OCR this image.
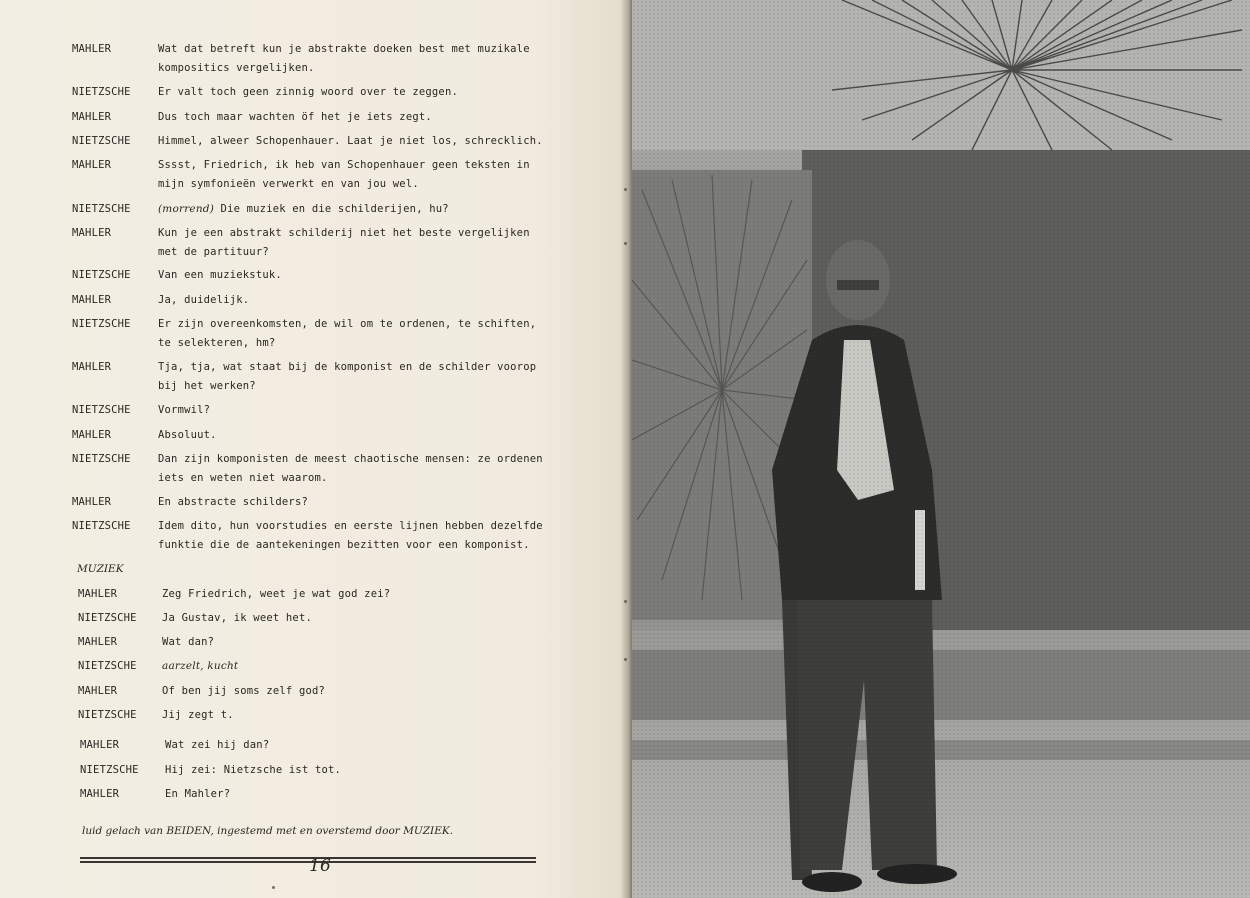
MAHLER	Wat dat betreft kun je abstrakte doeken best met muzikale kompositics vergelijken.
NIETZSCHE	Er valt toch geen zinnig woord over te zeggen.
MAHLER	Dus toch maar wachten öf het je iets zegt.
NIETZSCHE	Himmel, alweer Schopenhauer. Laat je niet los, schrecklich.
MAHLER	Sssst, Friedrich, ik heb van Schopenhauer geen teksten in mijn symfonieën verwerkt en van jou wel.
NIETZSCHE	(morrend) Die muziek en die schilderijen, hu?
MAHLER	Kun je een abstrakt schilderij niet het beste vergelijken met de partituur?
NIETZSCHE	Van een muziekstuk.
MAHLER	Ja, duidelijk.
NIETZSCHE	Er zijn overeenkomsten, de wil om te ordenen, te schiften, te selekteren, hm?
MAHLER	Tja, tja, wat staat bij de komponist en de schilder voorop bij het werken?
NIETZSCHE	Vormwil?
MAHLER	Absoluut.
NIETZSCHE	Dan zijn komponisten de meest chaotische mensen: ze ordenen iets en weten niet waarom.
MAHLER	En abstracte schilders?
NIETZSCHE	Idem dito, hun voorstudies en eerste lijnen hebben dezelfde funktie die de aantekeningen bezitten voor een komponist.
MUZIEK
MAHLER	Zeg Friedrich, weet je wat god zei?
NIETZSCHE Ja Gustav, ik weet het.
MAHLER	Wat dan?
NIETZSCHE aarzelt, kucht
MAHLER	Of ben jij soms zelf god?
NIETZSCHE Jij zegt t.
MAHLER	Wat zei hij dan?
NIETZSCHE	Hij zei: Nietzsche ist tot.
MAHLER	En Mahler?
luid gelach van BEIDEN, ingestemd met en overstemd door MUZIEK.
16
